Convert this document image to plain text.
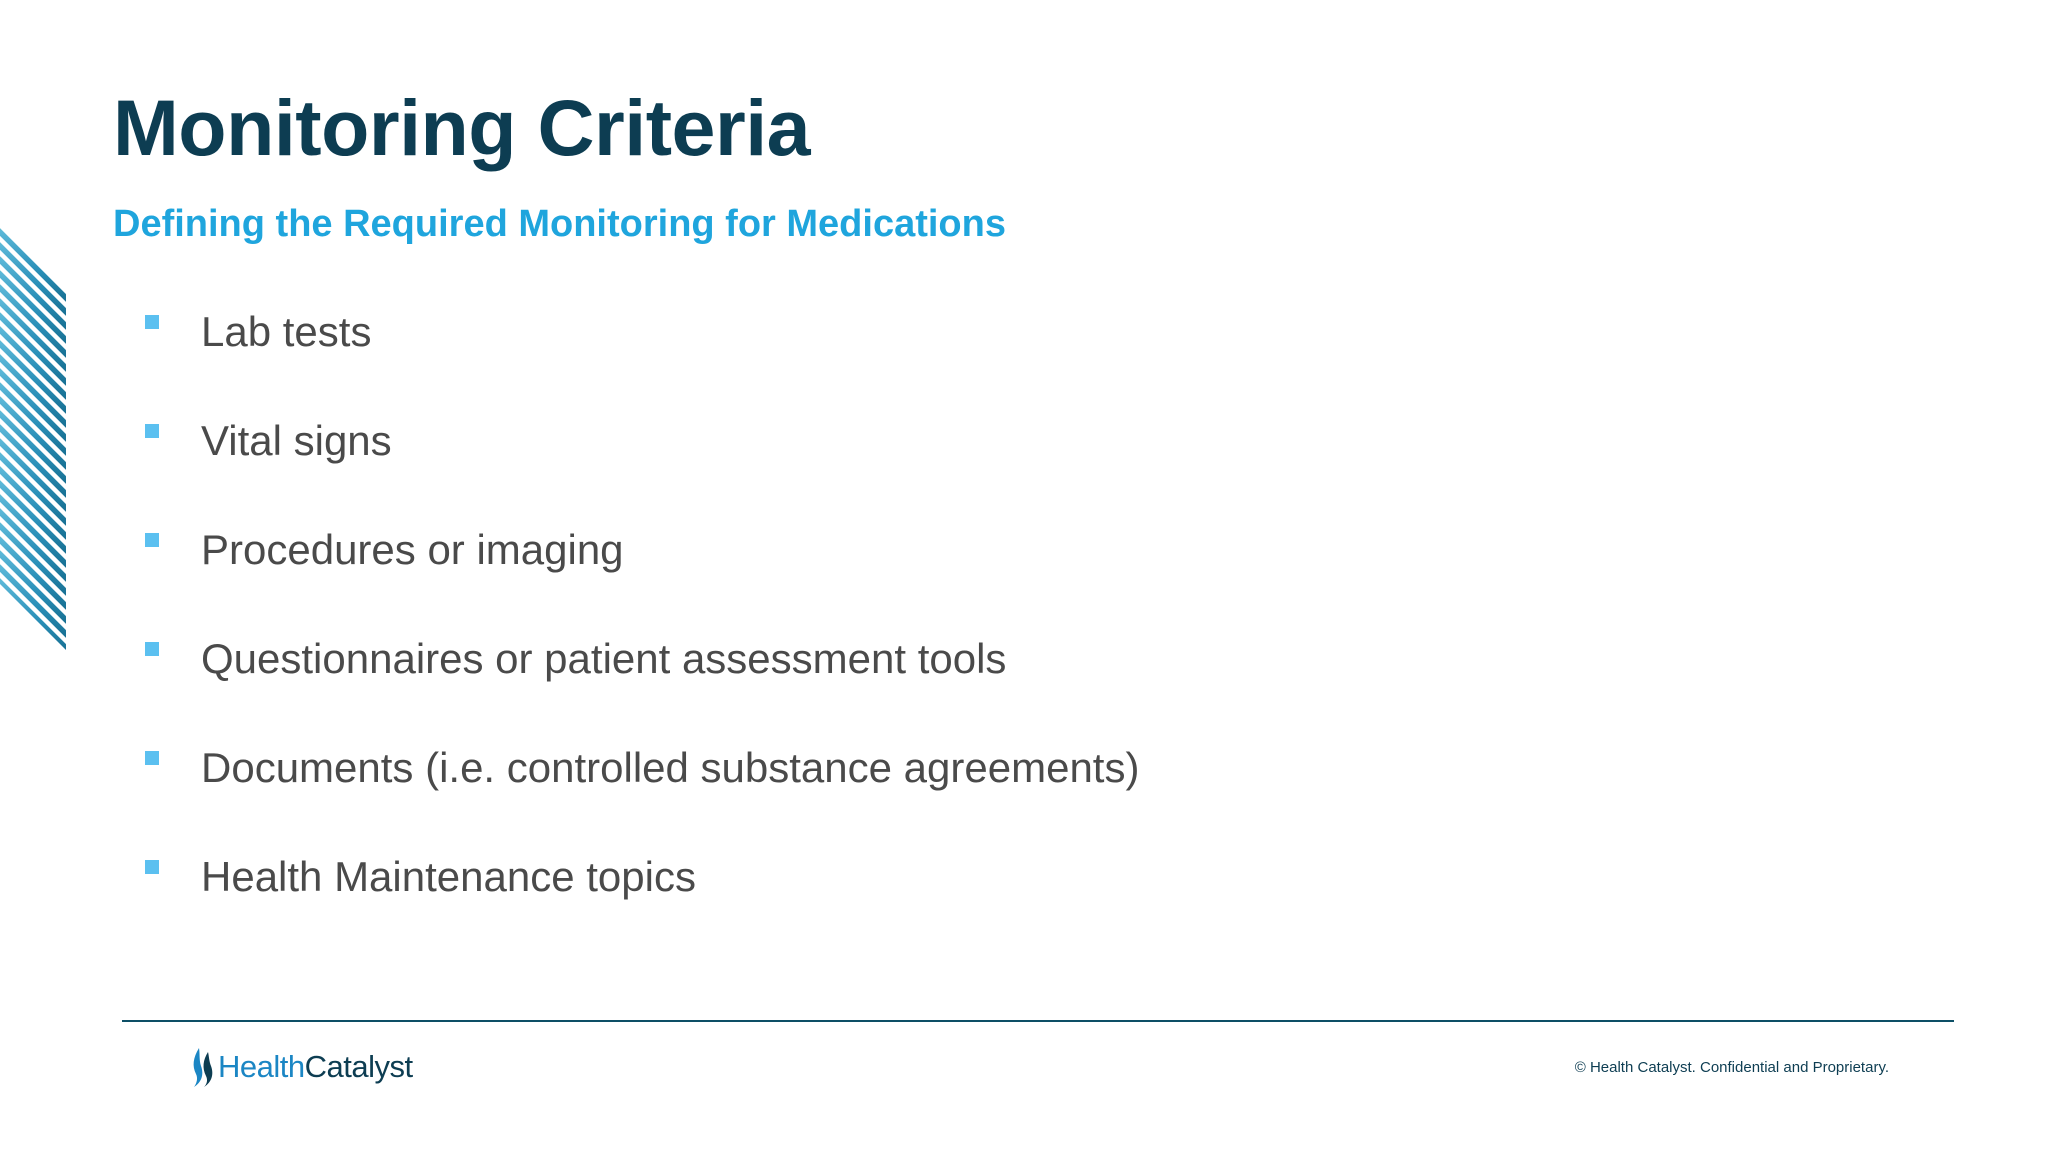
Monitoring Criteria
Defining the Required Monitoring for Medications
Lab tests
Vital signs
Procedures or imaging
Questionnaires or patient assessment tools
Documents (i.e. controlled substance agreements)
Health Maintenance topics
HealthCatalyst	© Health Catalyst. Confidential and Proprietary.
